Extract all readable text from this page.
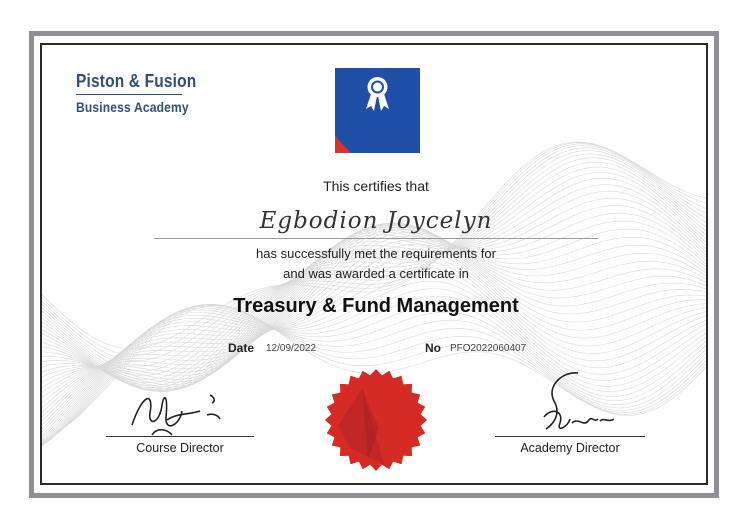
Piston & Fusion
Business Academy
This certifies that
Egbodion Joycelyn
has successfully met the requirements for
and was awarded a certificate in
Treasury & Fund Management
Date 12/09/2022	No PFO2022060407
Course Director	Academy Director
